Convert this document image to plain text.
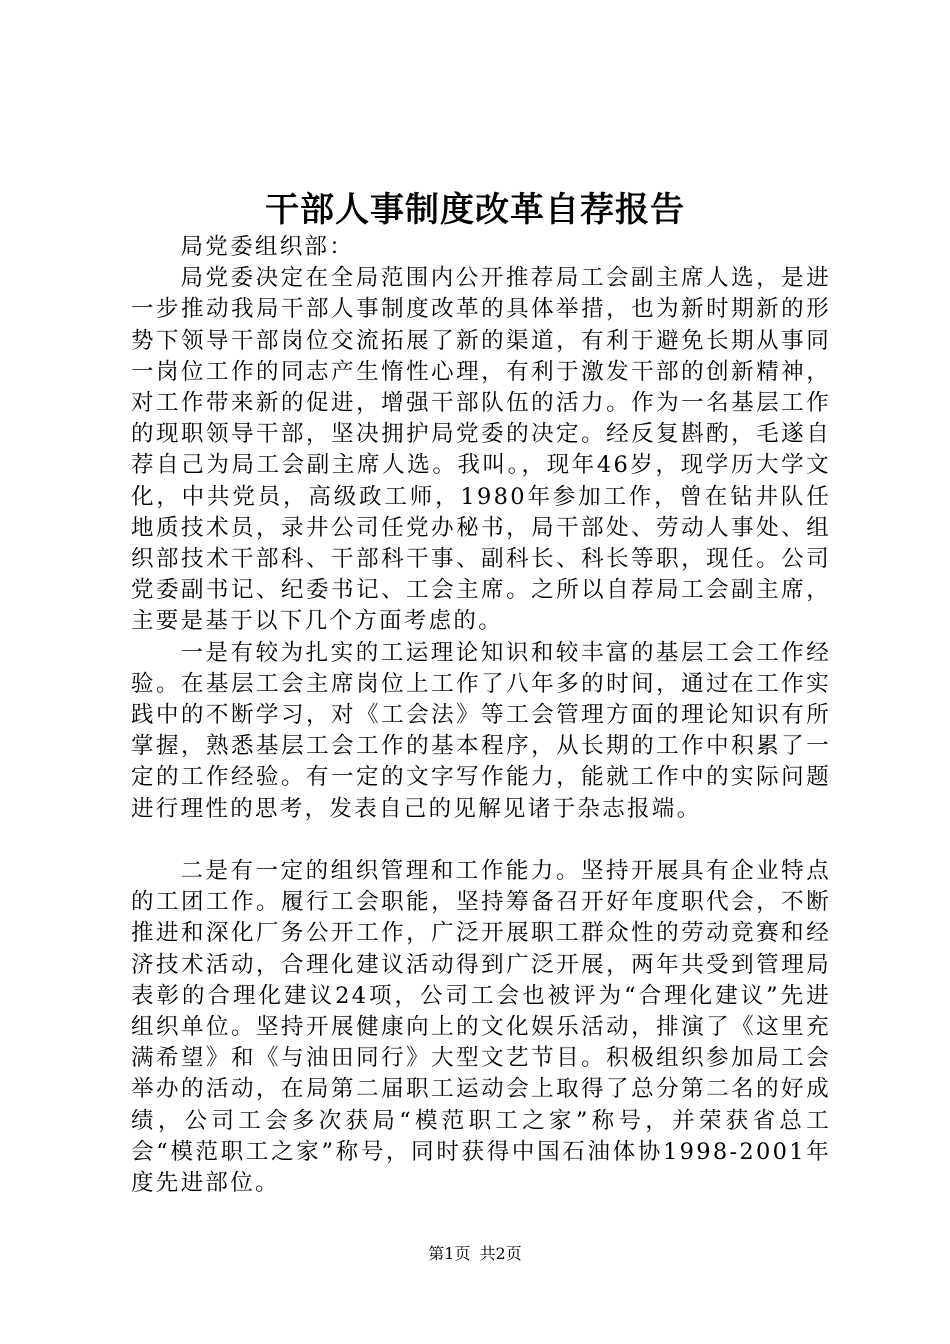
干部人事制度改革自荐报告

局党委组织部：

局党委决定在全局范围内公开推荐局工会副主席人选，是进一步推动我局干部人事制度改革的具体举措，也为新时期新的形势下领导干部岗位交流拓展了新的渠道，有利于避免长期从事同一岗位工作的同志产生惰性心理，有利于激发干部的创新精神，对工作带来新的促进，增强干部队伍的活力。作为一名基层工作的现职领导干部，坚决拥护局党委的决定。经反复斟酌，毛遂自荐自己为局工会副主席人选。我叫。，现年46岁，现学历大学文化，中共党员，高级政工师，1980年参加工作，曾在钻井队任地质技术员，录井公司任党办秘书，局干部处、劳动人事处、组织部技术干部科、干部科干事、副科长、科长等职，现任。公司党委副书记、纪委书记、工会主席。之所以自荐局工会副主席，主要是基于以下几个方面考虑的。

一是有较为扎实的工运理论知识和较丰富的基层工会工作经验。在基层工会主席岗位上工作了八年多的时间，通过在工作实践中的不断学习，对《工会法》等工会管理方面的理论知识有所掌握，熟悉基层工会工作的基本程序，从长期的工作中积累了一定的工作经验。有一定的文字写作能力，能就工作中的实际问题进行理性的思考，发表自己的见解见诸于杂志报端。

二是有一定的组织管理和工作能力。坚持开展具有企业特点的工团工作。履行工会职能，坚持筹备召开好年度职代会，不断推进和深化厂务公开工作，广泛开展职工群众性的劳动竞赛和经济技术活动，合理化建议活动得到广泛开展，两年共受到管理局表彰的合理化建议24项，公司工会也被评为“合理化建议”先进组织单位。坚持开展健康向上的文化娱乐活动，排演了《这里充满希望》和《与油田同行》大型文艺节目。积极组织参加局工会举办的活动，在局第二届职工运动会上取得了总分第二名的好成绩，公司工会多次获局“模范职工之家”称号，并荣获省总工会“模范职工之家”称号，同时获得中国石油体协1998-2001年度先进部位。

第1页 共2页
